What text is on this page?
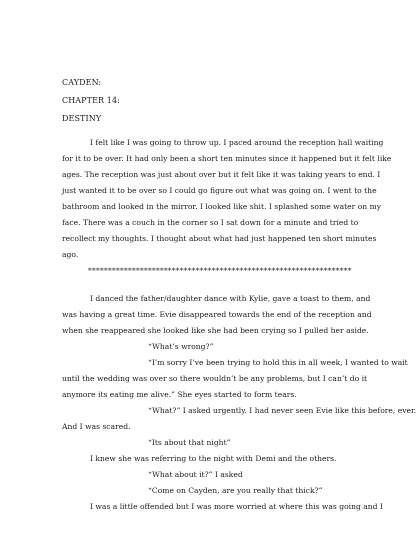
CAYDEN:
CHAPTER 14:
DESTINY
I felt like I was going to throw up. I paced around the reception hall waiting
for it to be over. It had only been a short ten minutes since it happened but it felt like
ages. The reception was just about over but it felt like it was taking years to end. I
just wanted it to be over so I could go figure out what was going on. I went to the
bathroom and looked in the mirror. I looked like shit. I splashed some water on my
face. There was a couch in the corner so I sat down for a minute and tried to
recollect my thoughts. I thought about what had just happened ten short minutes
ago.
******************************************************************
I danced the father/daughter dance with Kylie, gave a toast to them, and
was having a great time. Evie disappeared towards the end of the reception and
when she reappeared she looked like she had been crying so I pulled her aside.
“What’s wrong?”
“I’m sorry I’ve been trying to hold this in all week, I wanted to wait
until the wedding was over so there wouldn’t be any problems, but I can’t do it
anymore its eating me alive.” She eyes started to form tears.
“What?” I asked urgently. I had never seen Evie like this before, ever.
And I was scared.
“Its about that night”
I knew she was referring to the night with Demi and the others.
“What about it?” I asked
“Come on Cayden, are you really that thick?”
I was a little offended but I was more worried at where this was going and I
